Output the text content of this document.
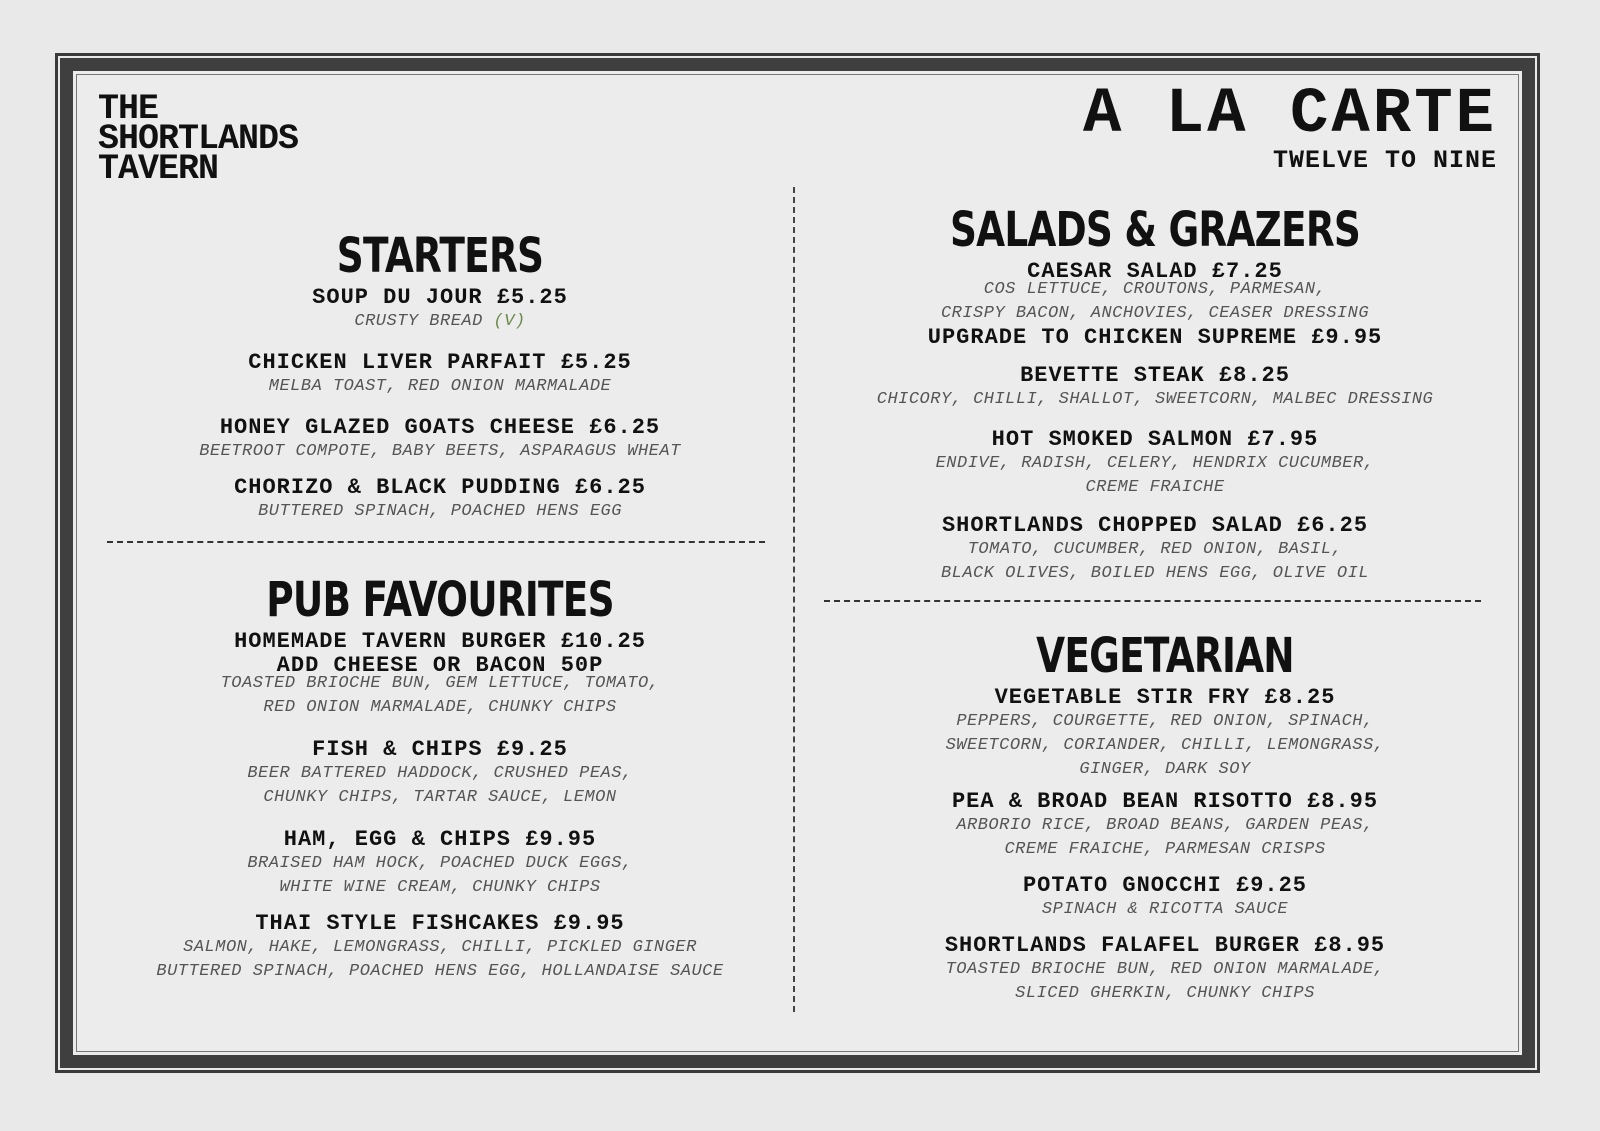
THE
SHORTLANDS
TAVERN
A LA CARTE
TWELVE TO NINE
STARTERS
SOUP DU JOUR £5.25
CRUSTY BREAD (V)
CHICKEN LIVER PARFAIT £5.25
MELBA TOAST, RED ONION MARMALADE
HONEY GLAZED GOATS CHEESE £6.25
BEETROOT COMPOTE, BABY BEETS, ASPARAGUS WHEAT
CHORIZO & BLACK PUDDING £6.25
BUTTERED SPINACH, POACHED HENS EGG
PUB FAVOURITES
HOMEMADE TAVERN BURGER £10.25
ADD CHEESE OR BACON 50P
TOASTED BRIOCHE BUN, GEM LETTUCE, TOMATO,
RED ONION MARMALADE, CHUNKY CHIPS
FISH & CHIPS £9.25
BEER BATTERED HADDOCK, CRUSHED PEAS,
CHUNKY CHIPS, TARTAR SAUCE, LEMON
HAM, EGG & CHIPS £9.95
BRAISED HAM HOCK, POACHED DUCK EGGS,
WHITE WINE CREAM, CHUNKY CHIPS
THAI STYLE FISHCAKES £9.95
SALMON, HAKE, LEMONGRASS, CHILLI, PICKLED GINGER
BUTTERED SPINACH, POACHED HENS EGG, HOLLANDAISE SAUCE
SALADS & GRAZERS
CAESAR SALAD £7.25
COS LETTUCE, CROUTONS, PARMESAN,
CRISPY BACON, ANCHOVIES, CEASER DRESSING
UPGRADE TO CHICKEN SUPREME £9.95
BEVETTE STEAK £8.25
CHICORY, CHILLI, SHALLOT, SWEETCORN, MALBEC DRESSING
HOT SMOKED SALMON £7.95
ENDIVE, RADISH, CELERY, HENDRIX CUCUMBER,
CREME FRAICHE
SHORTLANDS CHOPPED SALAD £6.25
TOMATO, CUCUMBER, RED ONION, BASIL,
BLACK OLIVES, BOILED HENS EGG, OLIVE OIL
VEGETARIAN
VEGETABLE STIR FRY £8.25
PEPPERS, COURGETTE, RED ONION, SPINACH,
SWEETCORN, CORIANDER, CHILLI, LEMONGRASS,
GINGER, DARK SOY
PEA & BROAD BEAN RISOTTO £8.95
ARBORIO RICE, BROAD BEANS, GARDEN PEAS,
CREME FRAICHE, PARMESAN CRISPS
POTATO GNOCCHI £9.25
SPINACH & RICOTTA SAUCE
SHORTLANDS FALAFEL BURGER £8.95
TOASTED BRIOCHE BUN, RED ONION MARMALADE,
SLICED GHERKIN, CHUNKY CHIPS
